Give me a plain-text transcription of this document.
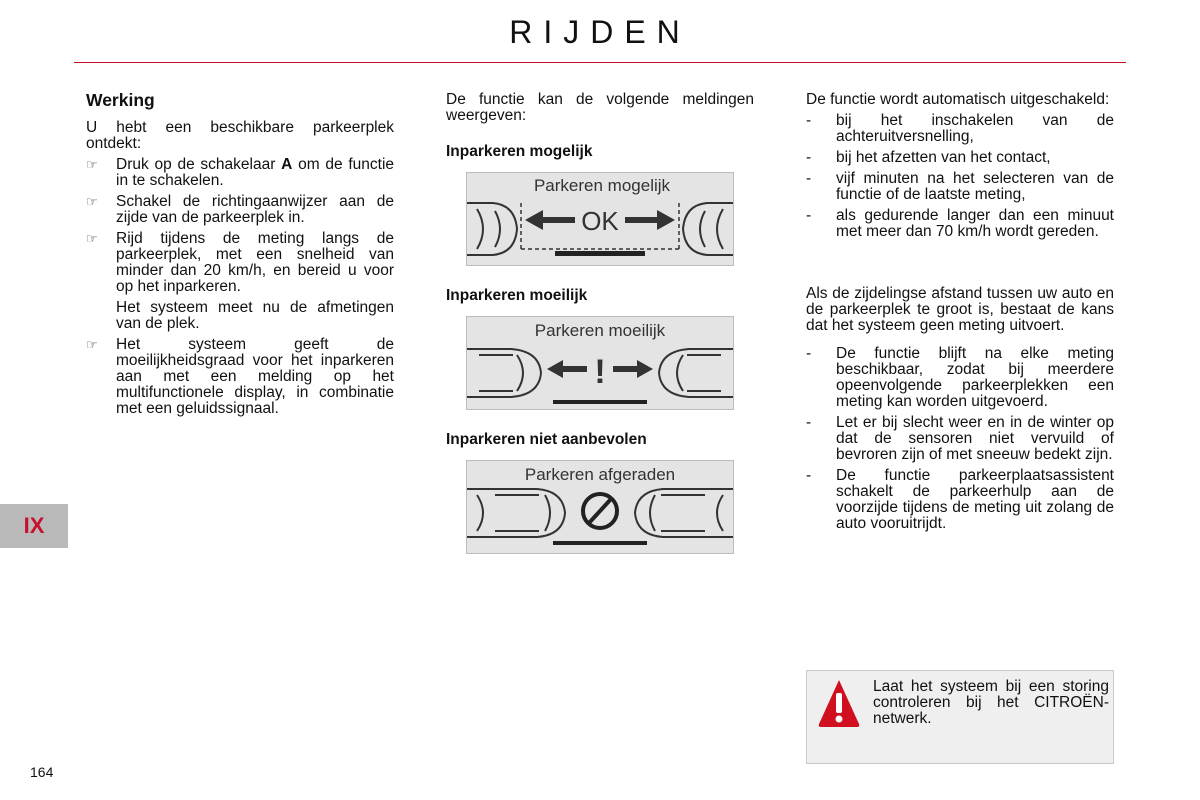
RIJDEN
Werking

U hebt een beschikbare parkeerplek ontdekt:

☞ Druk op de schakelaar A om de functie in te schakelen.
☞ Schakel de richtingaanwijzer aan de zijde van de parkeerplek in.
☞ Rijd tijdens de meting langs de parkeerplek, met een snelheid van minder dan 20 km/h, en bereid u voor op het inparkeren.
Het systeem meet nu de afmetingen van de plek.
☞ Het systeem geeft de moeilijkheidsgraad voor het inparkeren aan met een melding op het multifunctionele display, in combinatie met een geluidssignaal.

De functie kan de volgende meldingen weergeven:

Inparkeren mogelijk
Parkeren mogelijk
OK
Inparkeren moeilijk
Parkeren moeilijk
!
Inparkeren niet aanbevolen
Parkeren afgeraden

De functie wordt automatisch uitgeschakeld:

- bij het inschakelen van de achteruitversnelling,
- bij het afzetten van het contact,
- vijf minuten na het selecteren van de functie of de laatste meting,
- als gedurende langer dan een minuut met meer dan 70 km/h wordt gereden.

Als de zijdelingse afstand tussen uw auto en de parkeerplek te groot is, bestaat de kans dat het systeem geen meting uitvoert.

- De functie blijft na elke meting beschikbaar, zodat bij meerdere opeenvolgende parkeerplekken een meting kan worden uitgevoerd.
- Let er bij slecht weer en in de winter op dat de sensoren niet vervuild of bevroren zijn of met sneeuw bedekt zijn.
- De functie parkeerplaatsassistent schakelt de parkeerhulp aan de voorzijde tijdens de meting uit zolang de auto vooruitrijdt.
Laat het systeem bij een storing controleren bij het CITROËN-netwerk.
IX
164
